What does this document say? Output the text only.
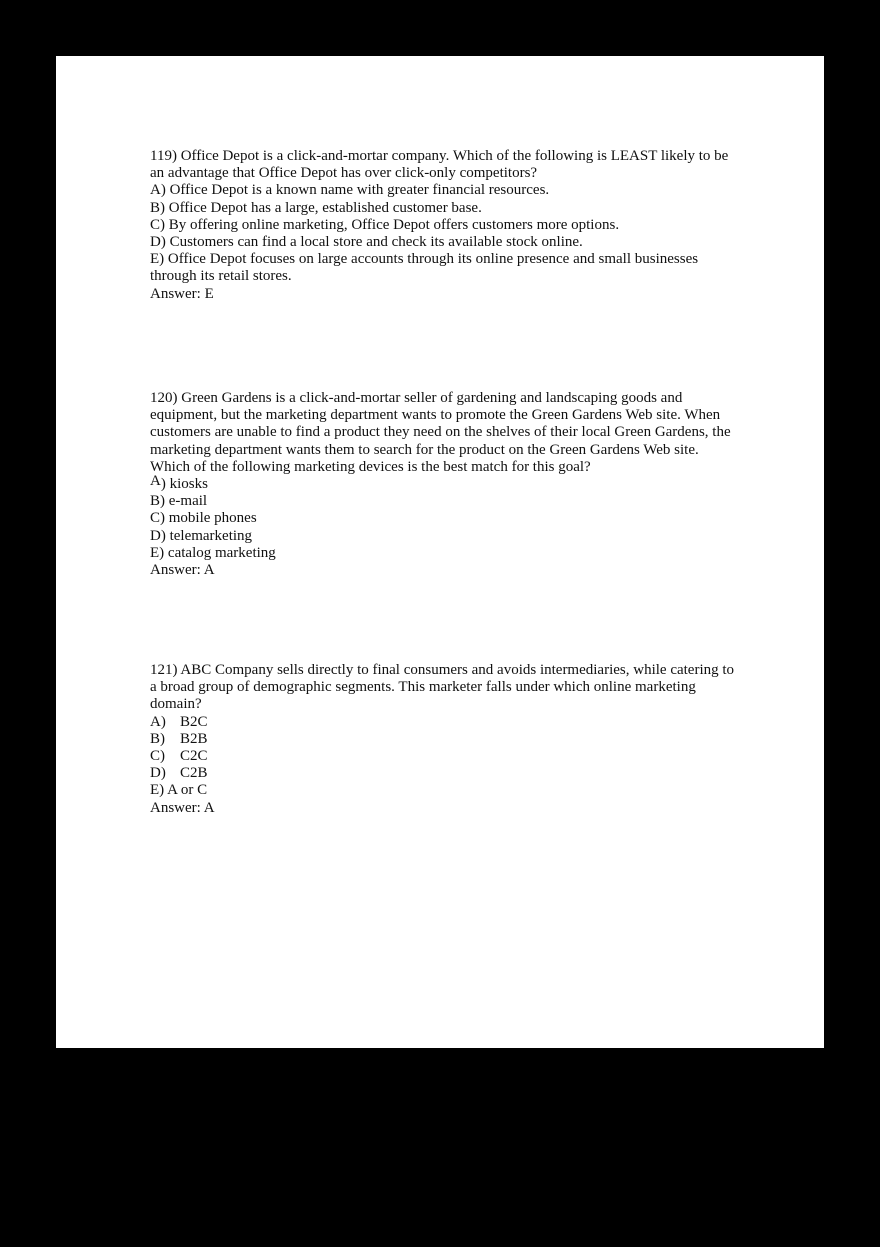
119) Office Depot is a click-and-mortar company. Which of the following is LEAST likely to be
an advantage that Office Depot has over click-only competitors?
A) Office Depot is a known name with greater financial resources.
B) Office Depot has a large, established customer base.
C) By offering online marketing, Office Depot offers customers more options.
D) Customers can find a local store and check its available stock online.
E) Office Depot focuses on large accounts through its online presence and small businesses
through its retail stores.
Answer: E
120) Green Gardens is a click-and-mortar seller of gardening and landscaping goods and
equipment, but the marketing department wants to promote the Green Gardens Web site. When
customers are unable to find a product they need on the shelves of their local Green Gardens, the
marketing department wants them to search for the product on the Green Gardens Web site.
Which of the following marketing devices is the best match for this goal?
A) kiosks
B) e-mail
C) mobile phones
D) telemarketing
E) catalog marketing
Answer: A
121) ABC Company sells directly to final consumers and avoids intermediaries, while catering to
a broad group of demographic segments. This marketer falls under which online marketing
domain?
A) B2C
B) B2B
C) C2C
D) C2B
E) A or C
Answer: A
